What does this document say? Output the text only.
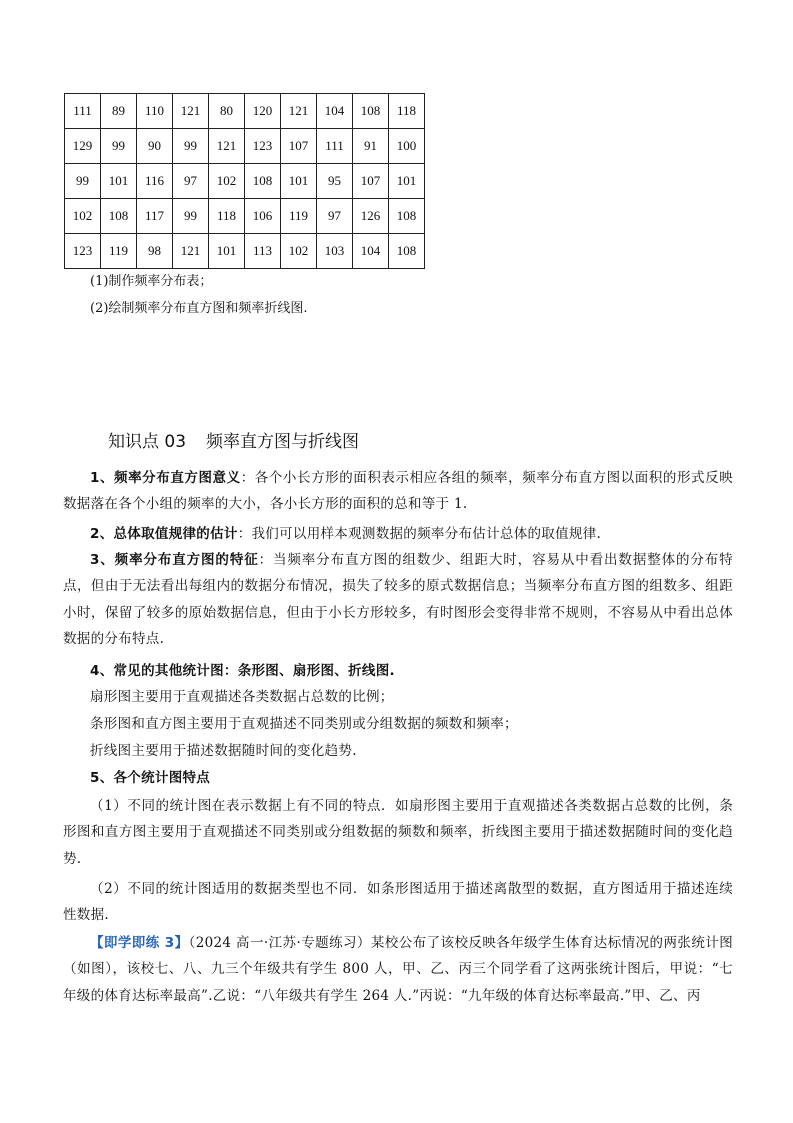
111	89	110	121	80	120	121	104	108	118
129	99	90	99	121	123	107	111	91	100
99	101	116	97	102	108	101	95	107	101
102	108	117	99	118	106	119	97	126	108
123	119	98	121	101	113	102	103	104	108
(1)制作频率分布表；
(2)绘制频率分布直方图和频率折线图.
知识点 03 频率直方图与折线图
1、频率分布直方图意义：各个小长方形的面积表示相应各组的频率，频率分布直方图以面积的形式反映数据落在各个小组的频率的大小，各小长方形的面积的总和等于 1.
2、总体取值规律的估计：我们可以用样本观测数据的频率分布估计总体的取值规律.
3、频率分布直方图的特征：当频率分布直方图的组数少、组距大时，容易从中看出数据整体的分布特点，但由于无法看出每组内的数据分布情况，损失了较多的原式数据信息；当频率分布直方图的组数多、组距小时，保留了较多的原始数据信息，但由于小长方形较多，有时图形会变得非常不规则，不容易从中看出总体数据的分布特点.
4、常见的其他统计图：条形图、扇形图、折线图.
扇形图主要用于直观描述各类数据占总数的比例；
条形图和直方图主要用于直观描述不同类别或分组数据的频数和频率；
折线图主要用于描述数据随时间的变化趋势.
5、各个统计图特点
（1）不同的统计图在表示数据上有不同的特点．如扇形图主要用于直观描述各类数据占总数的比例，条形图和直方图主要用于直观描述不同类别或分组数据的频数和频率，折线图主要用于描述数据随时间的变化趋势.
（2）不同的统计图适用的数据类型也不同．如条形图适用于描述离散型的数据，直方图适用于描述连续性数据.
【即学即练 3】（2024 高一·江苏·专题练习）某校公布了该校反映各年级学生体育达标情况的两张统计图（如图），该校七、八、九三个年级共有学生 800 人，甲、乙、丙三个同学看了这两张统计图后，甲说：“七年级的体育达标率最高”.乙说：“八年级共有学生 264 人.”丙说：“九年级的体育达标率最高.”甲、乙、丙
